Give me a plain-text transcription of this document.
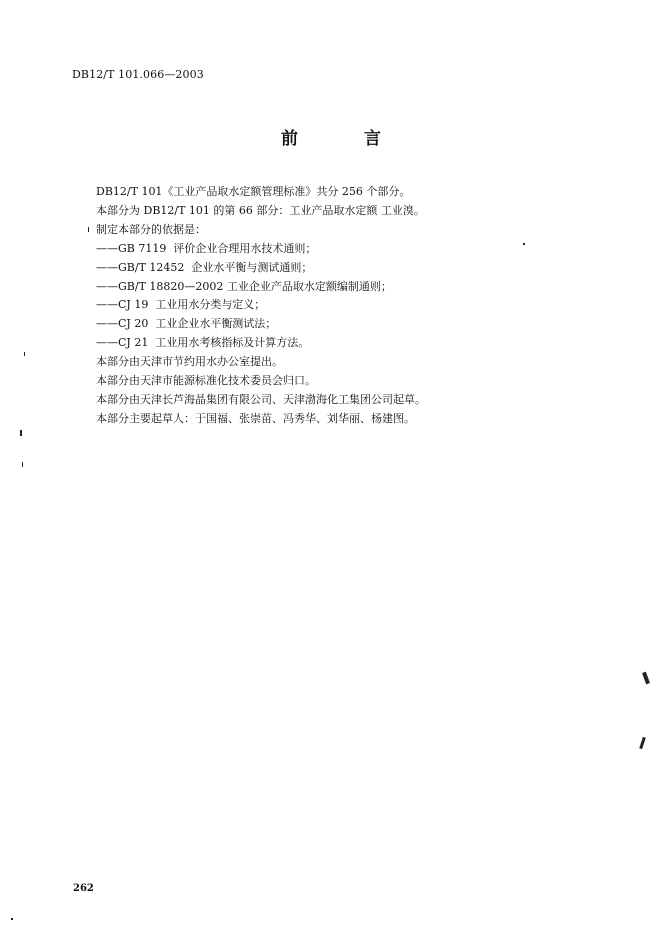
DB12/T 101.066—2003
前 言
DB12/T 101《工业产品取水定额管理标准》共分 256 个部分。
本部分为 DB12/T 101 的第 66 部分：工业产品取水定额 工业溴。
制定本部分的依据是：
——GB 7119  评价企业合理用水技术通则；
——GB/T 12452  企业水平衡与测试通则；
——GB/T 18820—2002 工业企业产品取水定额编制通则；
——CJ 19  工业用水分类与定义；
——CJ 20  工业企业水平衡测试法；
——CJ 21  工业用水考核指标及计算方法。
本部分由天津市节约用水办公室提出。
本部分由天津市能源标准化技术委员会归口。
本部分由天津长芦海晶集团有限公司、天津渤海化工集团公司起草。
本部分主要起草人：于国福、张崇苗、冯秀华、刘华丽、杨建图。
262
